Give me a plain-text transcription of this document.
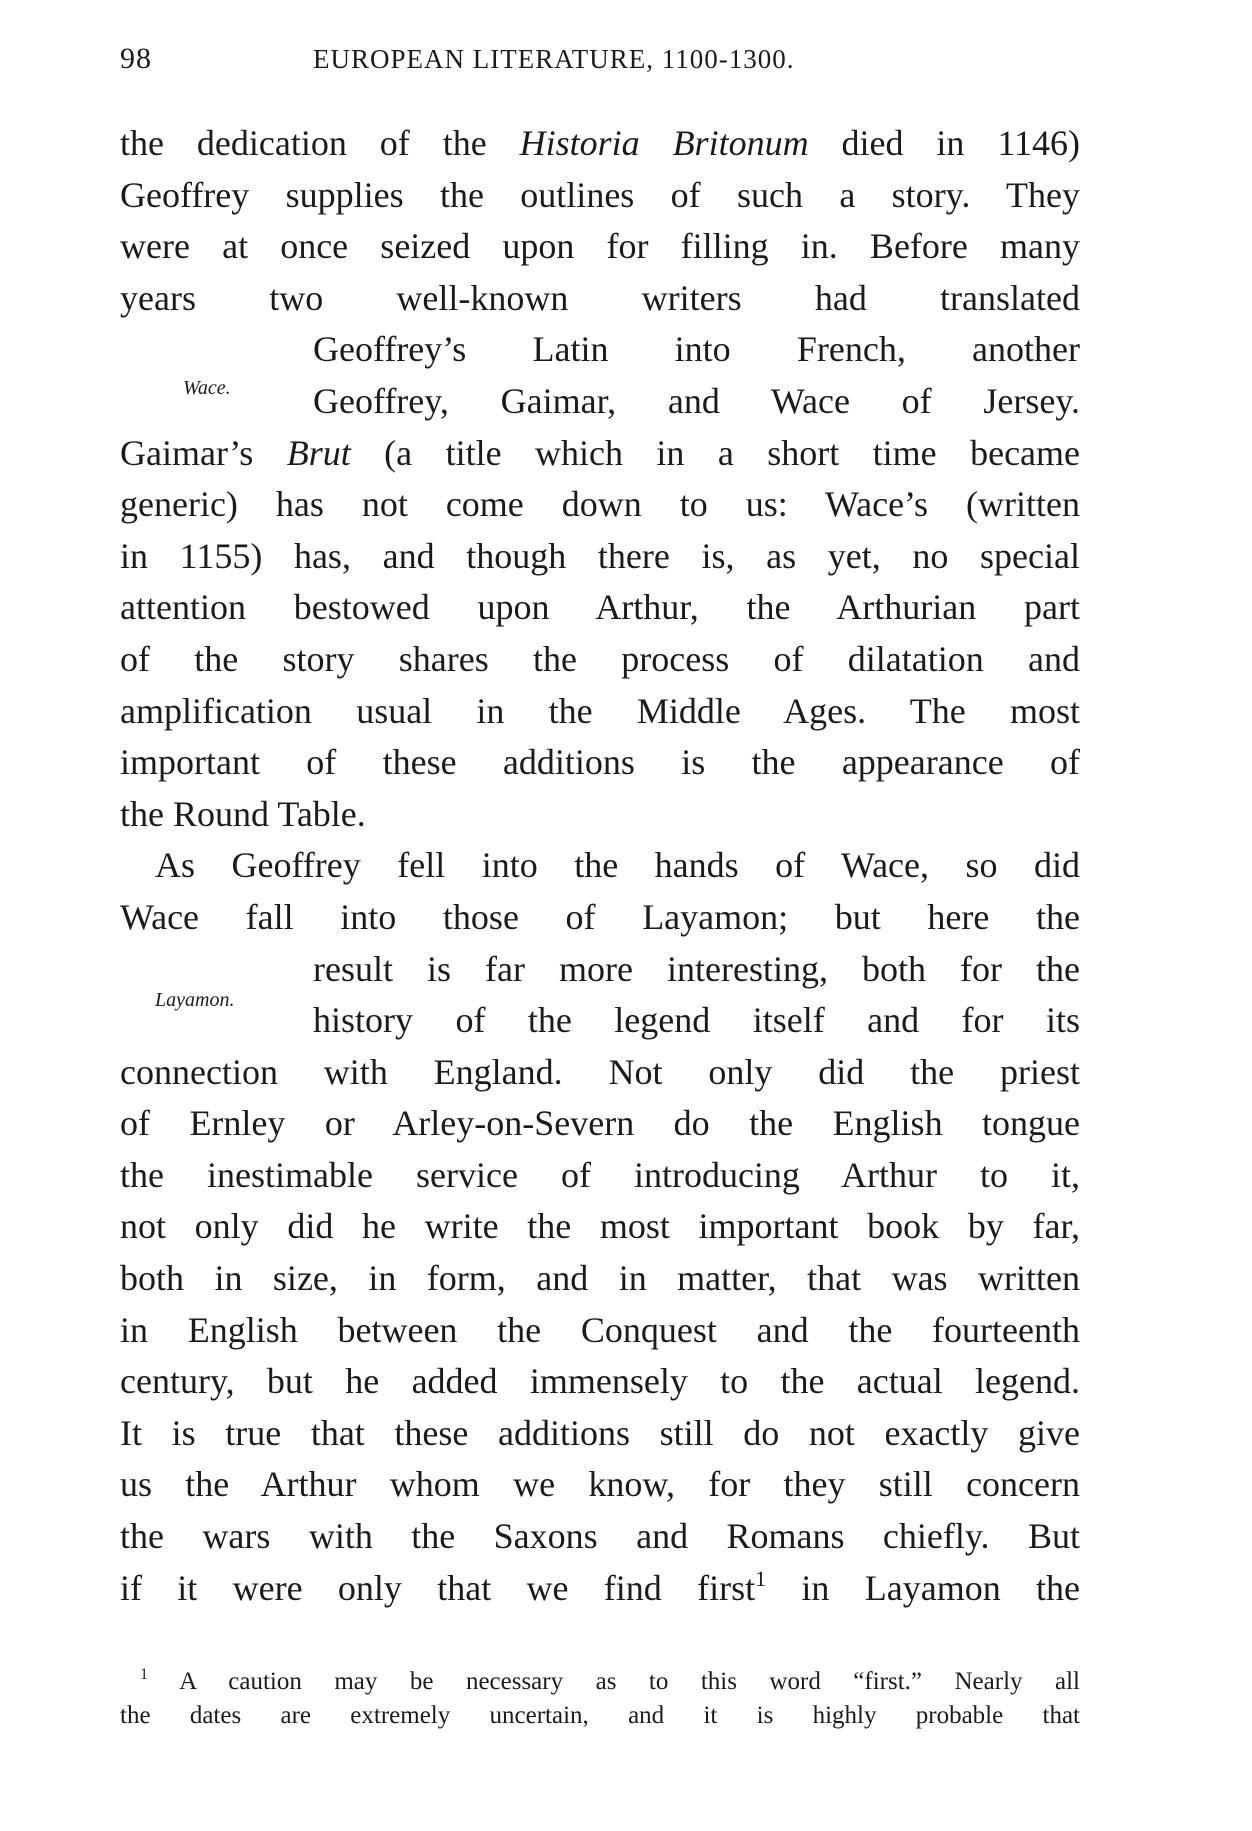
98	EUROPEAN LITERATURE, 1100-1300.
Wace.
Layamon.
the dedication of the Historia Britonum died in 1146)
Geoffrey supplies the outlines of such a story. They
were at once seized upon for filling in. Before many
years two well-known writers had translated
Geoffrey’s Latin into French, another
Geoffrey, Gaimar, and Wace of Jersey.
Gaimar’s Brut (a title which in a short time became
generic) has not come down to us: Wace’s (written
in 1155) has, and though there is, as yet, no special
attention bestowed upon Arthur, the Arthurian part
of the story shares the process of dilatation and
amplification usual in the Middle Ages. The most
important of these additions is the appearance of
the Round Table.
As Geoffrey fell into the hands of Wace, so did
Wace fall into those of Layamon; but here the
result is far more interesting, both for the
history of the legend itself and for its
connection with England. Not only did the priest
of Ernley or Arley-on-Severn do the English tongue
the inestimable service of introducing Arthur to it,
not only did he write the most important book by far,
both in size, in form, and in matter, that was written
in English between the Conquest and the fourteenth
century, but he added immensely to the actual legend.
It is true that these additions still do not exactly give
us the Arthur whom we know, for they still concern
the wars with the Saxons and Romans chiefly. But
if it were only that we find first$^1$ in Layamon the
$^1$ A caution may be necessary as to this word “first.” Nearly all
the dates are extremely uncertain, and it is highly probable that
